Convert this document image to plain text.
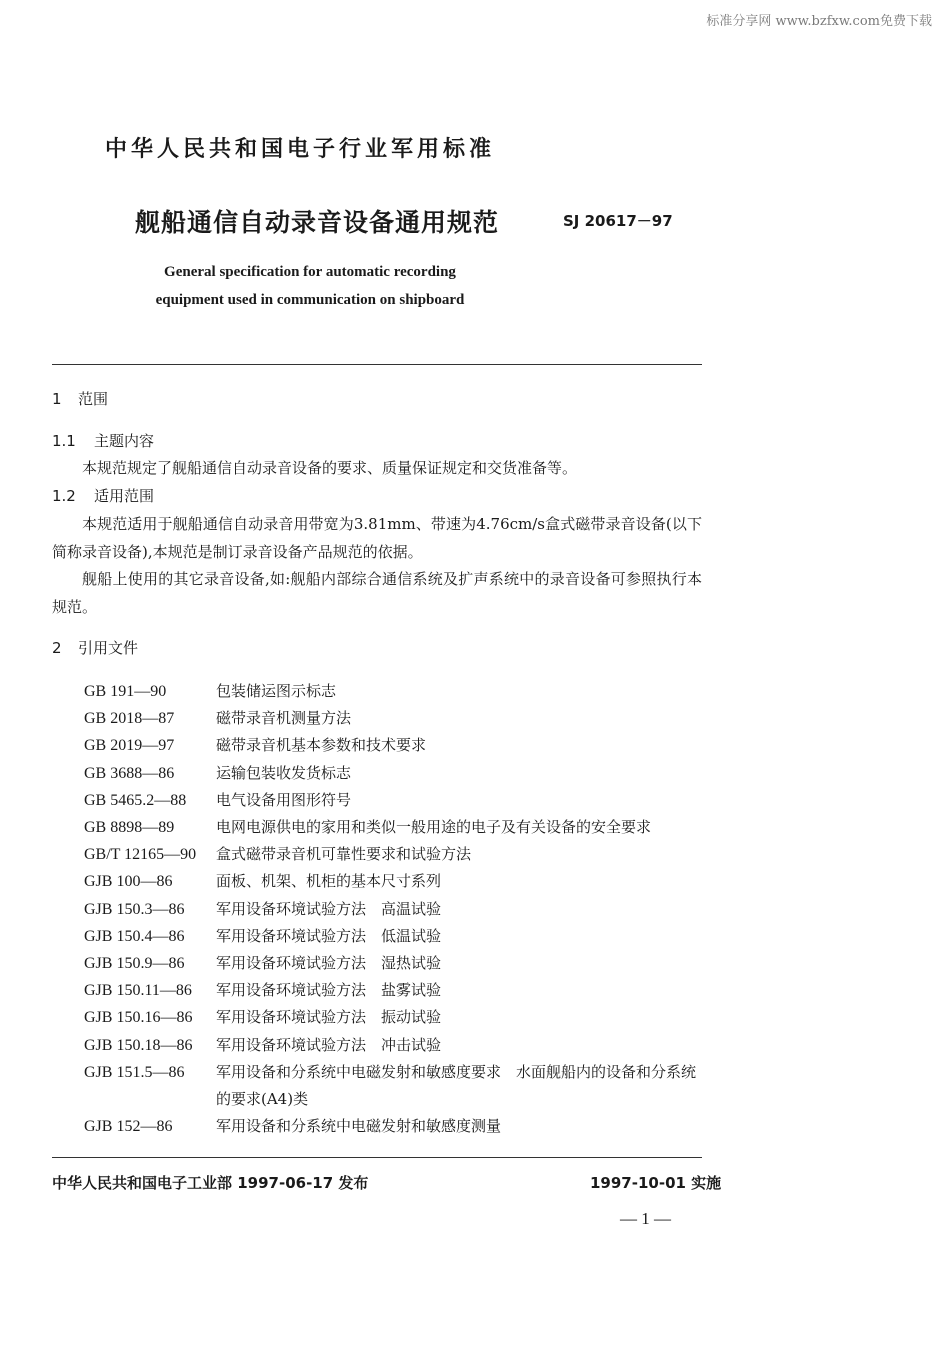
标准分享网 www.bzfxw.com免费下载
中华人民共和国电子行业军用标准
舰船通信自动录音设备通用规范	SJ 20617－97
General specification for automatic recording
equipment used in communication on shipboard
1 范围
1.1 主题内容
本规范规定了舰船通信自动录音设备的要求、质量保证规定和交货准备等。
1.2 适用范围
本规范适用于舰船通信自动录音用带宽为3.81mm、带速为4.76cm/s盒式磁带录音设备(以下简称录音设备),本规范是制订录音设备产品规范的依据。
舰船上使用的其它录音设备,如:舰船内部综合通信系统及扩声系统中的录音设备可参照执行本规范。
2 引用文件
GB 191—90	包装储运图示标志
GB 2018—87	磁带录音机测量方法
GB 2019—97	磁带录音机基本参数和技术要求
GB 3688—86	运输包装收发货标志
GB 5465.2—88	电气设备用图形符号
GB 8898—89	电网电源供电的家用和类似一般用途的电子及有关设备的安全要求
GB/T 12165—90	盒式磁带录音机可靠性要求和试验方法
GJB 100—86	面板、机架、机柜的基本尺寸系列
GJB 150.3—86	军用设备环境试验方法　高温试验
GJB 150.4—86	军用设备环境试验方法　低温试验
GJB 150.9—86	军用设备环境试验方法　湿热试验
GJB 150.11—86	军用设备环境试验方法　盐雾试验
GJB 150.16—86	军用设备环境试验方法　振动试验
GJB 150.18—86	军用设备环境试验方法　冲击试验
GJB 151.5—86	军用设备和分系统中电磁发射和敏感度要求　水面舰船内的设备和分系统的要求(A4)类
GJB 152—86	军用设备和分系统中电磁发射和敏感度测量
中华人民共和国电子工业部 1997-06-17 发布	1997-10-01 实施
— 1 —
